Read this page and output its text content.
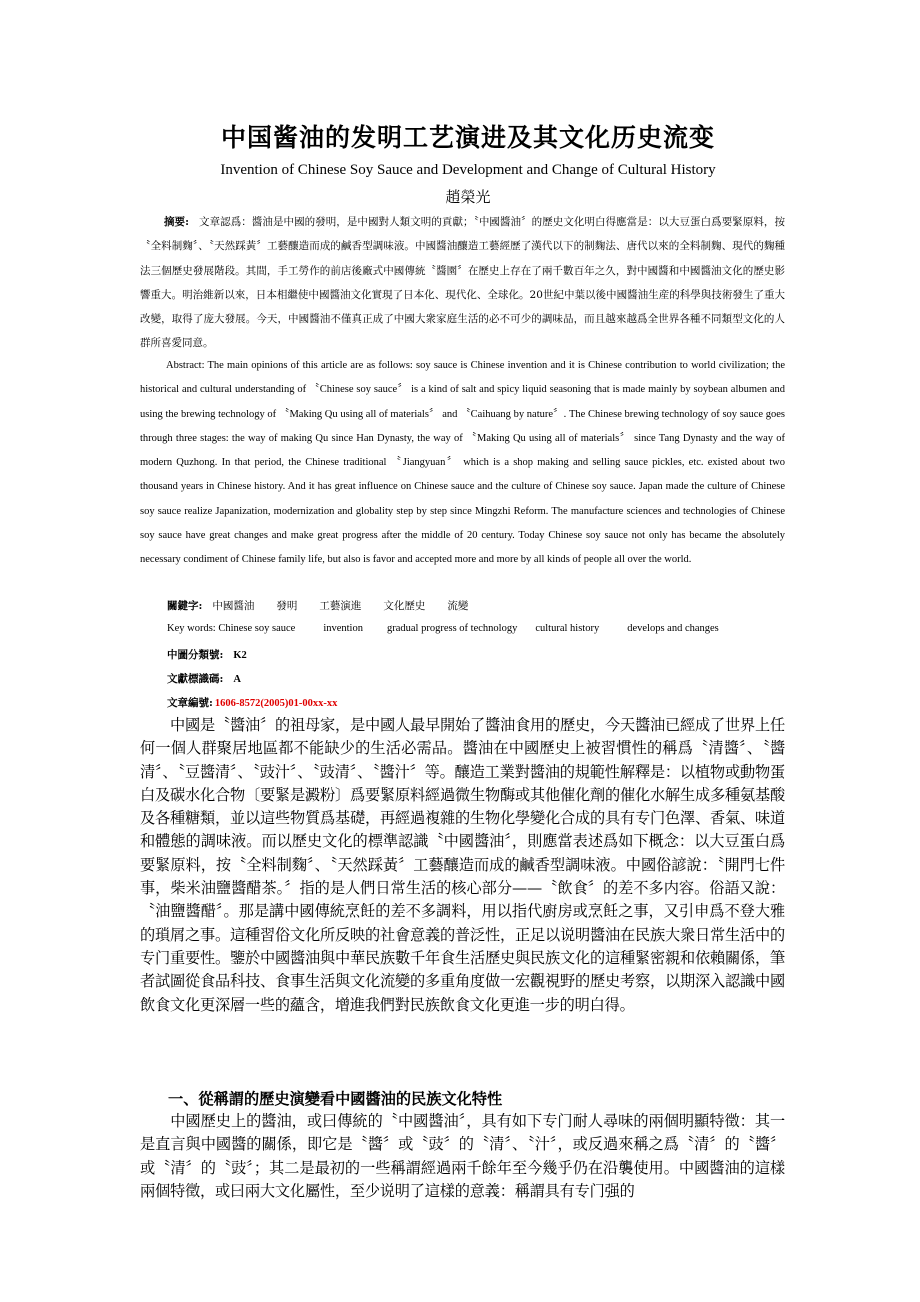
中国酱油的发明工艺演进及其文化历史流变
Invention of Chinese Soy Sauce and Development and Change of Cultural History
趙榮光
摘要: 文章認爲：醬油是中國的發明，是中國對人類文明的貢獻；〝中國醬油〞的歷史文化明白得應當是：以大豆蛋白爲要緊原料，按〝全料制麴〞、〝天然踩黃〞工藝釀造而成的鹹香型調味液。中國醬油釀造工藝經歷了漢代以下的制麴法、唐代以來的全料制麴、現代的麴種法三個歷史發展階段。其間，手工勞作的前店後廠式中國傳統〝醬園〞在歷史上存在了兩千數百年之久，對中國醬和中國醬油文化的歷史影響重大。明治維新以來，日本相繼使中國醬油文化實現了日本化、現代化、全球化。20世紀中葉以後中國醬油生産的科學與技術發生了重大改變，取得了庞大發展。今天，中國醬油不僅真正成了中國大衆家庭生活的必不可少的調味品，而且越來越爲全世界各種不同類型文化的人群所喜愛同意。
Abstract: The main opinions of this article are as follows: soy sauce is Chinese invention and it is Chinese contribution to world civilization; the historical and cultural understanding of 〝Chinese soy sauce〞 is a kind of salt and spicy liquid seasoning that is made mainly by soybean albumen and using the brewing technology of 〝Making Qu using all of materials〞 and 〝Caihuang by nature〞. The Chinese brewing technology of soy sauce goes through three stages: the way of making Qu since Han Dynasty, the way of 〝Making Qu using all of materials〞 since Tang Dynasty and the way of modern Quzhong. In that period, the Chinese traditional 〝Jiangyuan〞 which is a shop making and selling sauce pickles, etc. existed about two thousand years in Chinese history. And it has great influence on Chinese sauce and the culture of Chinese soy sauce. Japan made the culture of Chinese soy sauce realize Japanization, modernization and globality step by step since Mingzhi Reform. The manufacture sciences and technologies of Chinese soy sauce have great changes and make great progress after the middle of 20 century. Today Chinese soy sauce not only has became the absolutely necessary condiment of Chinese family life, but also is favor and accepted more and more by all kinds of people all over the world.
關鍵字: 中國醬油 發明 工藝演進 文化歷史 流變
Key words: Chinese soy sauce	invention gradual progress of technology cultural history	develops and changes
中圖分類號: K2
文獻標識碼: A
文章編號: 1606-8572(2005)01-00xx-xx
中國是〝醬油〞的祖母家，是中國人最早開始了醬油食用的歷史，今天醬油已經成了世界上任何一個人群聚居地區都不能缺少的生活必需品。醬油在中國歷史上被習慣性的稱爲〝清醬〞、〝醬清〞、〝豆醬清〞、〝豉汁〞、〝豉清〞、〝醬汁〞等。釀造工業對醬油的規範性解釋是：以植物或動物蛋白及碳水化合物〔要緊是澱粉〕爲要緊原料經過微生物酶或其他催化劑的催化水解生成多種氨基酸及各種糖類，並以這些物質爲基礎，再經過複雜的生物化學變化合成的具有专门色澤、香氣、味道和體態的調味液。而以歷史文化的標準認識〝中國醬油〞，則應當表述爲如下概念：以大豆蛋白爲要緊原料，按〝全料制麴〞、〝天然踩黃〞工藝釀造而成的鹹香型調味液。中國俗諺說：〝開門七件事，柴米油鹽醬醋茶。〞指的是人們日常生活的核心部分——〝飲食〞的差不多内容。俗語又說：〝油鹽醬醋〞。那是講中國傳統烹飪的差不多調料，用以指代廚房或烹飪之事，又引申爲不登大雅的瑣屑之事。這種習俗文化所反映的社會意義的普泛性，正足以说明醬油在民族大衆日常生活中的专门重要性。鑒於中國醬油與中華民族數千年食生活歷史與民族文化的這種緊密親和依賴關係，筆者試圖從食品科技、食事生活與文化流變的多重角度做一宏觀視野的歷史考察，以期深入認識中國飲食文化更深層一些的蘊含，增進我們對民族飲食文化更進一步的明白得。
一、從稱謂的歷史演變看中國醬油的民族文化特性
中國歷史上的醬油，或曰傳統的〝中國醬油〞，具有如下专门耐人尋味的兩個明顯特徵：其一是直言與中國醬的關係，即它是〝醬〞或〝豉〞的〝清〞、〝汁〞，或反過來稱之爲〝清〞的〝醬〞或〝清〞的〝豉〞；其二是最初的一些稱謂經過兩千餘年至今幾乎仍在沿襲使用。中國醬油的這樣兩個特徵，或曰兩大文化屬性，至少说明了這樣的意義：稱謂具有专门强的
